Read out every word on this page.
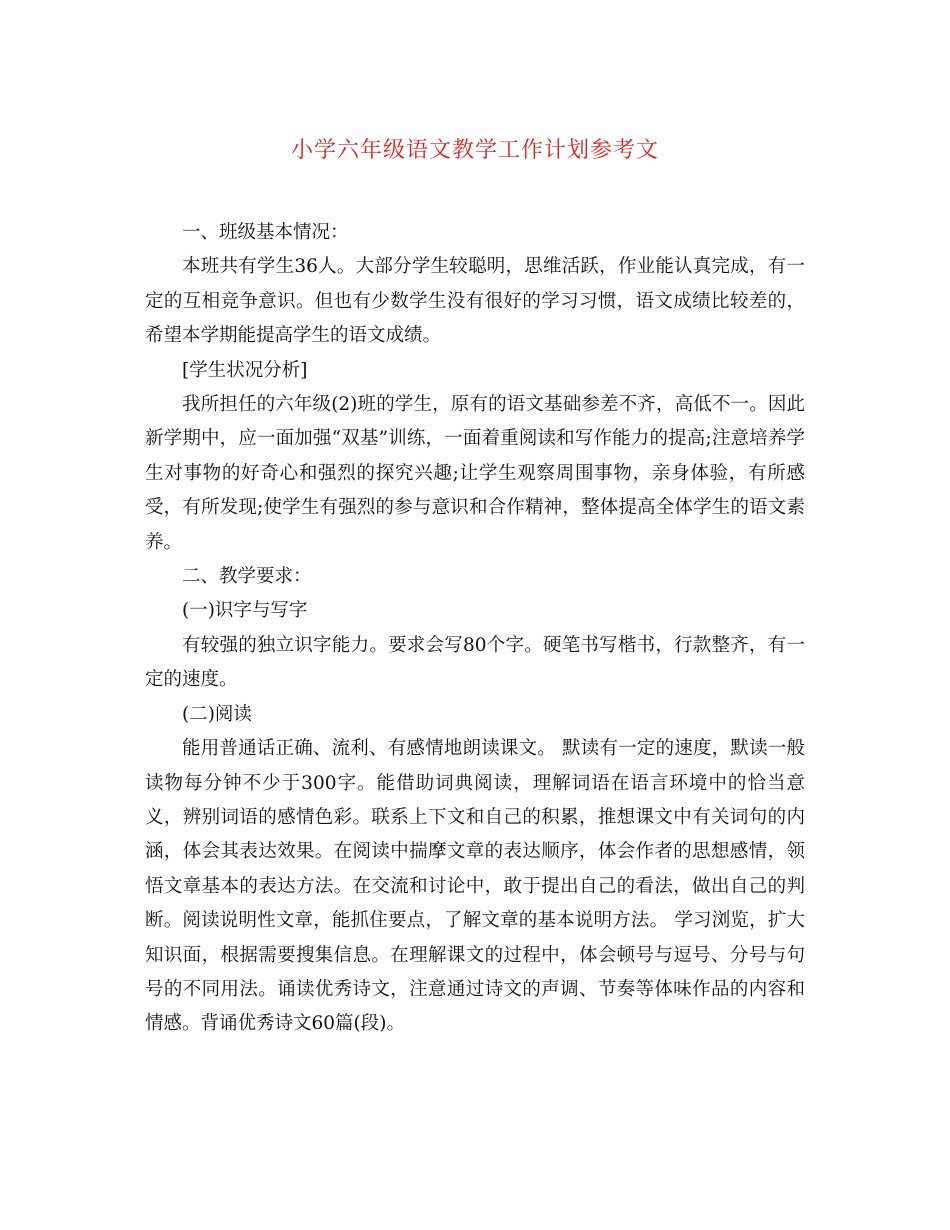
小学六年级语文教学工作计划参考文

一、班级基本情况：

本班共有学生36人。大部分学生较聪明，思维活跃，作业能认真完成，有一定的互相竞争意识。但也有少数学生没有很好的学习习惯，语文成绩比较差的，希望本学期能提高学生的语文成绩。

[学生状况分析]

我所担任的六年级(2)班的学生，原有的语文基础参差不齐，高低不一。因此新学期中，应一面加强“双基”训练，一面着重阅读和写作能力的提高;注意培养学生对事物的好奇心和强烈的探究兴趣;让学生观察周围事物，亲身体验，有所感受，有所发现;使学生有强烈的参与意识和合作精神，整体提高全体学生的语文素养。

二、教学要求：

(一)识字与写字

有较强的独立识字能力。要求会写80个字。硬笔书写楷书，行款整齐，有一定的速度。

(二)阅读

能用普通话正确、流利、有感情地朗读课文。 默读有一定的速度，默读一般读物每分钟不少于300字。能借助词典阅读，理解词语在语言环境中的恰当意义，辨别词语的感情色彩。联系上下文和自己的积累，推想课文中有关词句的内涵，体会其表达效果。在阅读中揣摩文章的表达顺序，体会作者的思想感情，领悟文章基本的表达方法。在交流和讨论中，敢于提出自己的看法，做出自己的判断。阅读说明性文章，能抓住要点，了解文章的基本说明方法。 学习浏览，扩大知识面，根据需要搜集信息。在理解课文的过程中，体会顿号与逗号、分号与句号的不同用法。诵读优秀诗文，注意通过诗文的声调、节奏等体味作品的内容和情感。背诵优秀诗文60篇(段)。
